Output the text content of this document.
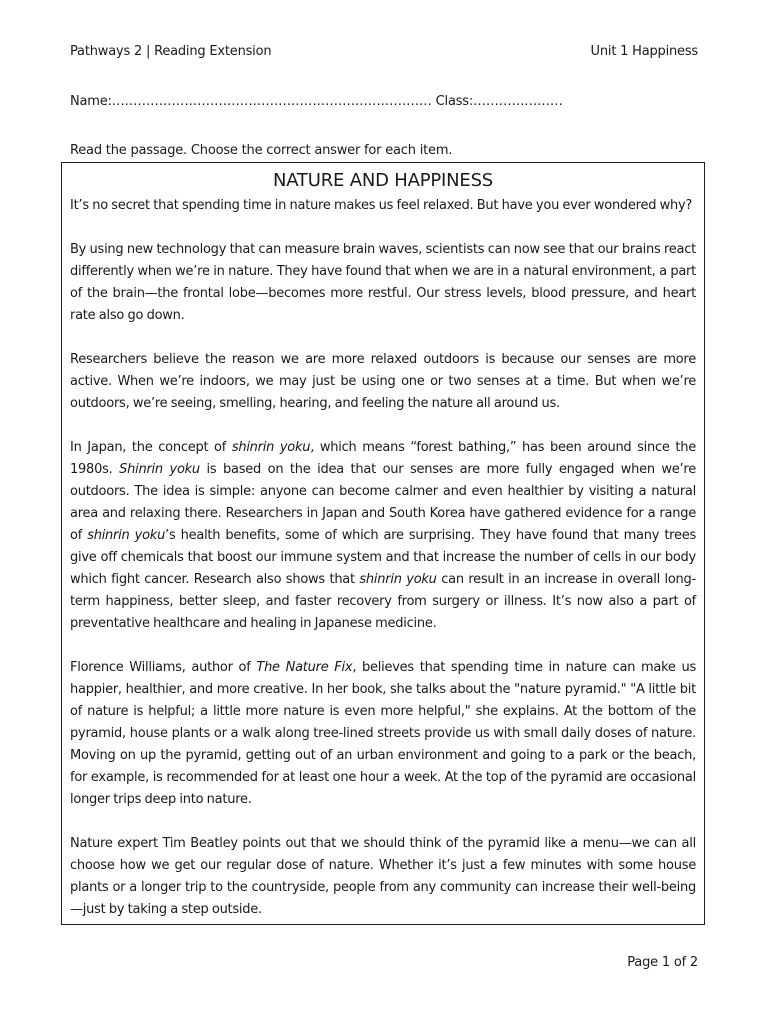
Pathways 2 | Reading Extension	Unit 1 Happiness
Name:………………………………………………………………… Class:…………………
Read the passage. Choose the correct answer for each item.
NATURE AND HAPPINESS

It’s no secret that spending time in nature makes us feel relaxed. But have you ever wondered why?

By using new technology that can measure brain waves, scientists can now see that our brains react differently when we’re in nature. They have found that when we are in a natural environment, a part of the brain—the frontal lobe—becomes more restful. Our stress levels, blood pressure, and heart rate also go down.

Researchers believe the reason we are more relaxed outdoors is because our senses are more active. When we’re indoors, we may just be using one or two senses at a time. But when we’re outdoors, we’re seeing, smelling, hearing, and feeling the nature all around us.

In Japan, the concept of shinrin yoku, which means “forest bathing,” has been around since the 1980s. Shinrin yoku is based on the idea that our senses are more fully engaged when we’re outdoors. The idea is simple: anyone can become calmer and even healthier by visiting a natural area and relaxing there. Researchers in Japan and South Korea have gathered evidence for a range of shinrin yoku’s health benefits, some of which are surprising. They have found that many trees give off chemicals that boost our immune system and that increase the number of cells in our body which fight cancer. Research also shows that shinrin yoku can result in an increase in overall long-term happiness, better sleep, and faster recovery from surgery or illness. It’s now also a part of preventative healthcare and healing in Japanese medicine.

Florence Williams, author of The Nature Fix, believes that spending time in nature can make us happier, healthier, and more creative. In her book, she talks about the "nature pyramid." "A little bit of nature is helpful; a little more nature is even more helpful," she explains. At the bottom of the pyramid, house plants or a walk along tree-lined streets provide us with small daily doses of nature. Moving on up the pyramid, getting out of an urban environment and going to a park or the beach, for example, is recommended for at least one hour a week. At the top of the pyramid are occasional longer trips deep into nature.

Nature expert Tim Beatley points out that we should think of the pyramid like a menu—we can all choose how we get our regular dose of nature. Whether it’s just a few minutes with some house plants or a longer trip to the countryside, people from any community can increase their well-being—just by taking a step outside.

Page 1 of 2
